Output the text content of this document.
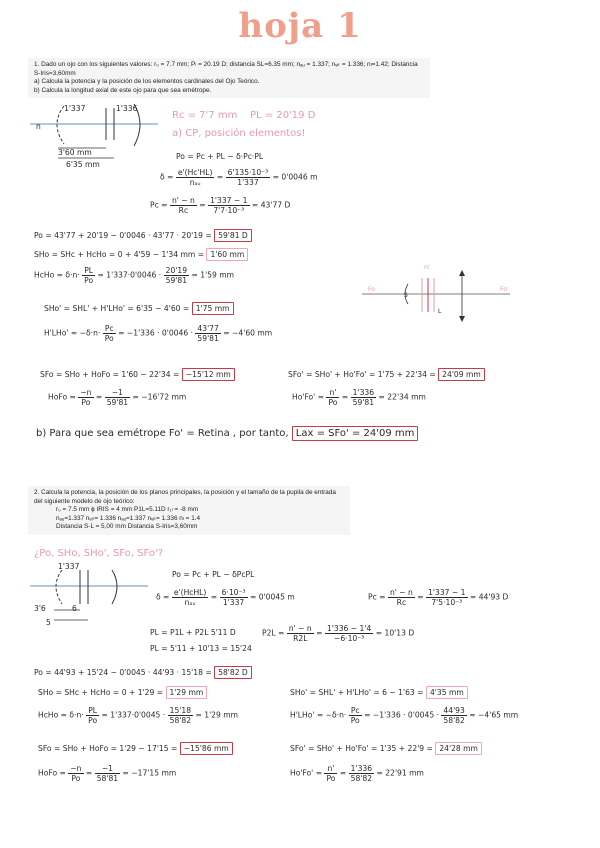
hoja 1
1. Dado un ojo con los siguientes valores: r₀ = 7.7 mm; Pₗ = 20.19 D; distancia SL=6.35 mm; nₐᵤ = 1.337; nᵥᵢₜ = 1.336; nₗ=1.42; Distancia S-Iris=3,60mm
a) Calcula la potencia y la posición de los elementos cardinales del Ojo Teórico.
b) Calcula la longitud axial de este ojo para que sea emétrope.
n
1'337	1'336
3'60 mm
6'35 mm
Rc = 7'7 mm PL = 20'19 D
a) CP, posición elementos!
Po = Pc + PL − δ·Pc·PL
$\delta = \frac{e'(Hc'HL)}{\text{nₐᵤ}} = \frac{\text{6'135·10⁻³}}{1'337} = 0'0046$ m
$Pc = \frac{n' - n}{Rc} = \frac{1'337 - 1}{\text{7'7·10⁻³}} = 43'77$ D
Po = 43'77 + 20'19 − 0'0046 · 43'77 · 20'19 = 59'81 D
SHo = SHc + HcHo = 0 + 4'59 − 1'34 mm = 1'60 mm
HcHo = $\delta\cdot n\cdot \frac{PL}{Po} = 1'337\cdot 0'0046 \cdot \frac{20'19}{59'81} = 1'59$ mm
SHo' = SHL' + H'LHo' = 6'35 − 4'60 = 1'75 mm
$H'LHo' = -\delta\cdot n\cdot \frac{Pc}{Po} = -1'336 \cdot 0'0046 \cdot \frac{43'77}{59'81} = -4'60$ mm
Fo	Fo'
S
L
rc
SFo = SHo + HoFo = 1'60 − 22'34 = −15'12 mm
HoFo = $\frac{-n}{Po} = \frac{-1}{59'81} = -16'72$ mm
SFo' = SHo' + Ho'Fo' = 1'75 + 22'34 = 24'09 mm
$Ho'Fo' = \frac{n'}{Po} = \frac{1'336}{59'81} = 22'34$ mm
b) Para que sea emétrope Fo' = Retina , por tanto, Lax = SFo' = 24'09 mm
2. Calcula la potencia, la posición de los planos principales, la posición y el tamaño de la pupila de entrada del siguiente modelo de ojo teórico:
r₀ = 7.5 mm ϕ IRIS = 4 mm P1L=5.11D r₁ₗ = -8 mm
nₐᵤ=1.337 nᵥᵢₜ= 1.336 nₐᵤ=1.337 nᵥᵢₜ= 1.336 nₗ = 1.4
Distancia S-L = 5,00 mm Distancia S-Iris=3,60mm
¿Po, SHo, SHo', SFo, SFo'?
1'337
3'6
5
6
Po = Pc + PL − δPcPL
$\delta = \frac{\text{e'(HcHL)}}{\text{nₐᵤ}} = \frac{\text{6·10⁻³}}{1'337} = 0'0045$ m	$Pc = \frac{n' - n}{Rc} = \frac{1'337 - 1}{\text{7'5·10⁻³}} = 44'93$ D
PL = P1L + P2L 5'11 D	$P2L = \frac{n' - n}{R2L} = \frac{1'336 - 1'4}{\text{−6·10⁻³}} = 10'13$ D
PL = 5'11 + 10'13 = 15'24
Po = 44'93 + 15'24 − 0'0045 · 44'93 · 15'18 = 58'82 D
SHo = SHc + HcHo = 0 + 1'29 = 1'29 mm
HcHo = $\delta\cdot n\cdot \frac{PL}{Po} = 1'337\cdot 0'0045 \cdot \frac{15'18}{58'82} = 1'29$ mm
SHo' = SHL' + H'LHo' = 6 − 1'63 = 4'35 mm
$H'LHo' = -\delta\cdot n\cdot \frac{Pc}{Po} = -1'336 \cdot 0'0045 \cdot \frac{44'93}{58'82} = -4'65$ mm
SFo = SHo + HoFo = 1'29 − 17'15 = −15'86 mm
HoFo = $\frac{-n}{Po} = \frac{-1}{58'81} = -17'15$ mm
SFo' = SHo' + Ho'Fo' = 1'35 + 22'9 = 24'28 mm
$Ho'Fo' = \frac{n'}{Po} = \frac{1'336}{58'82} = 22'91$ mm
